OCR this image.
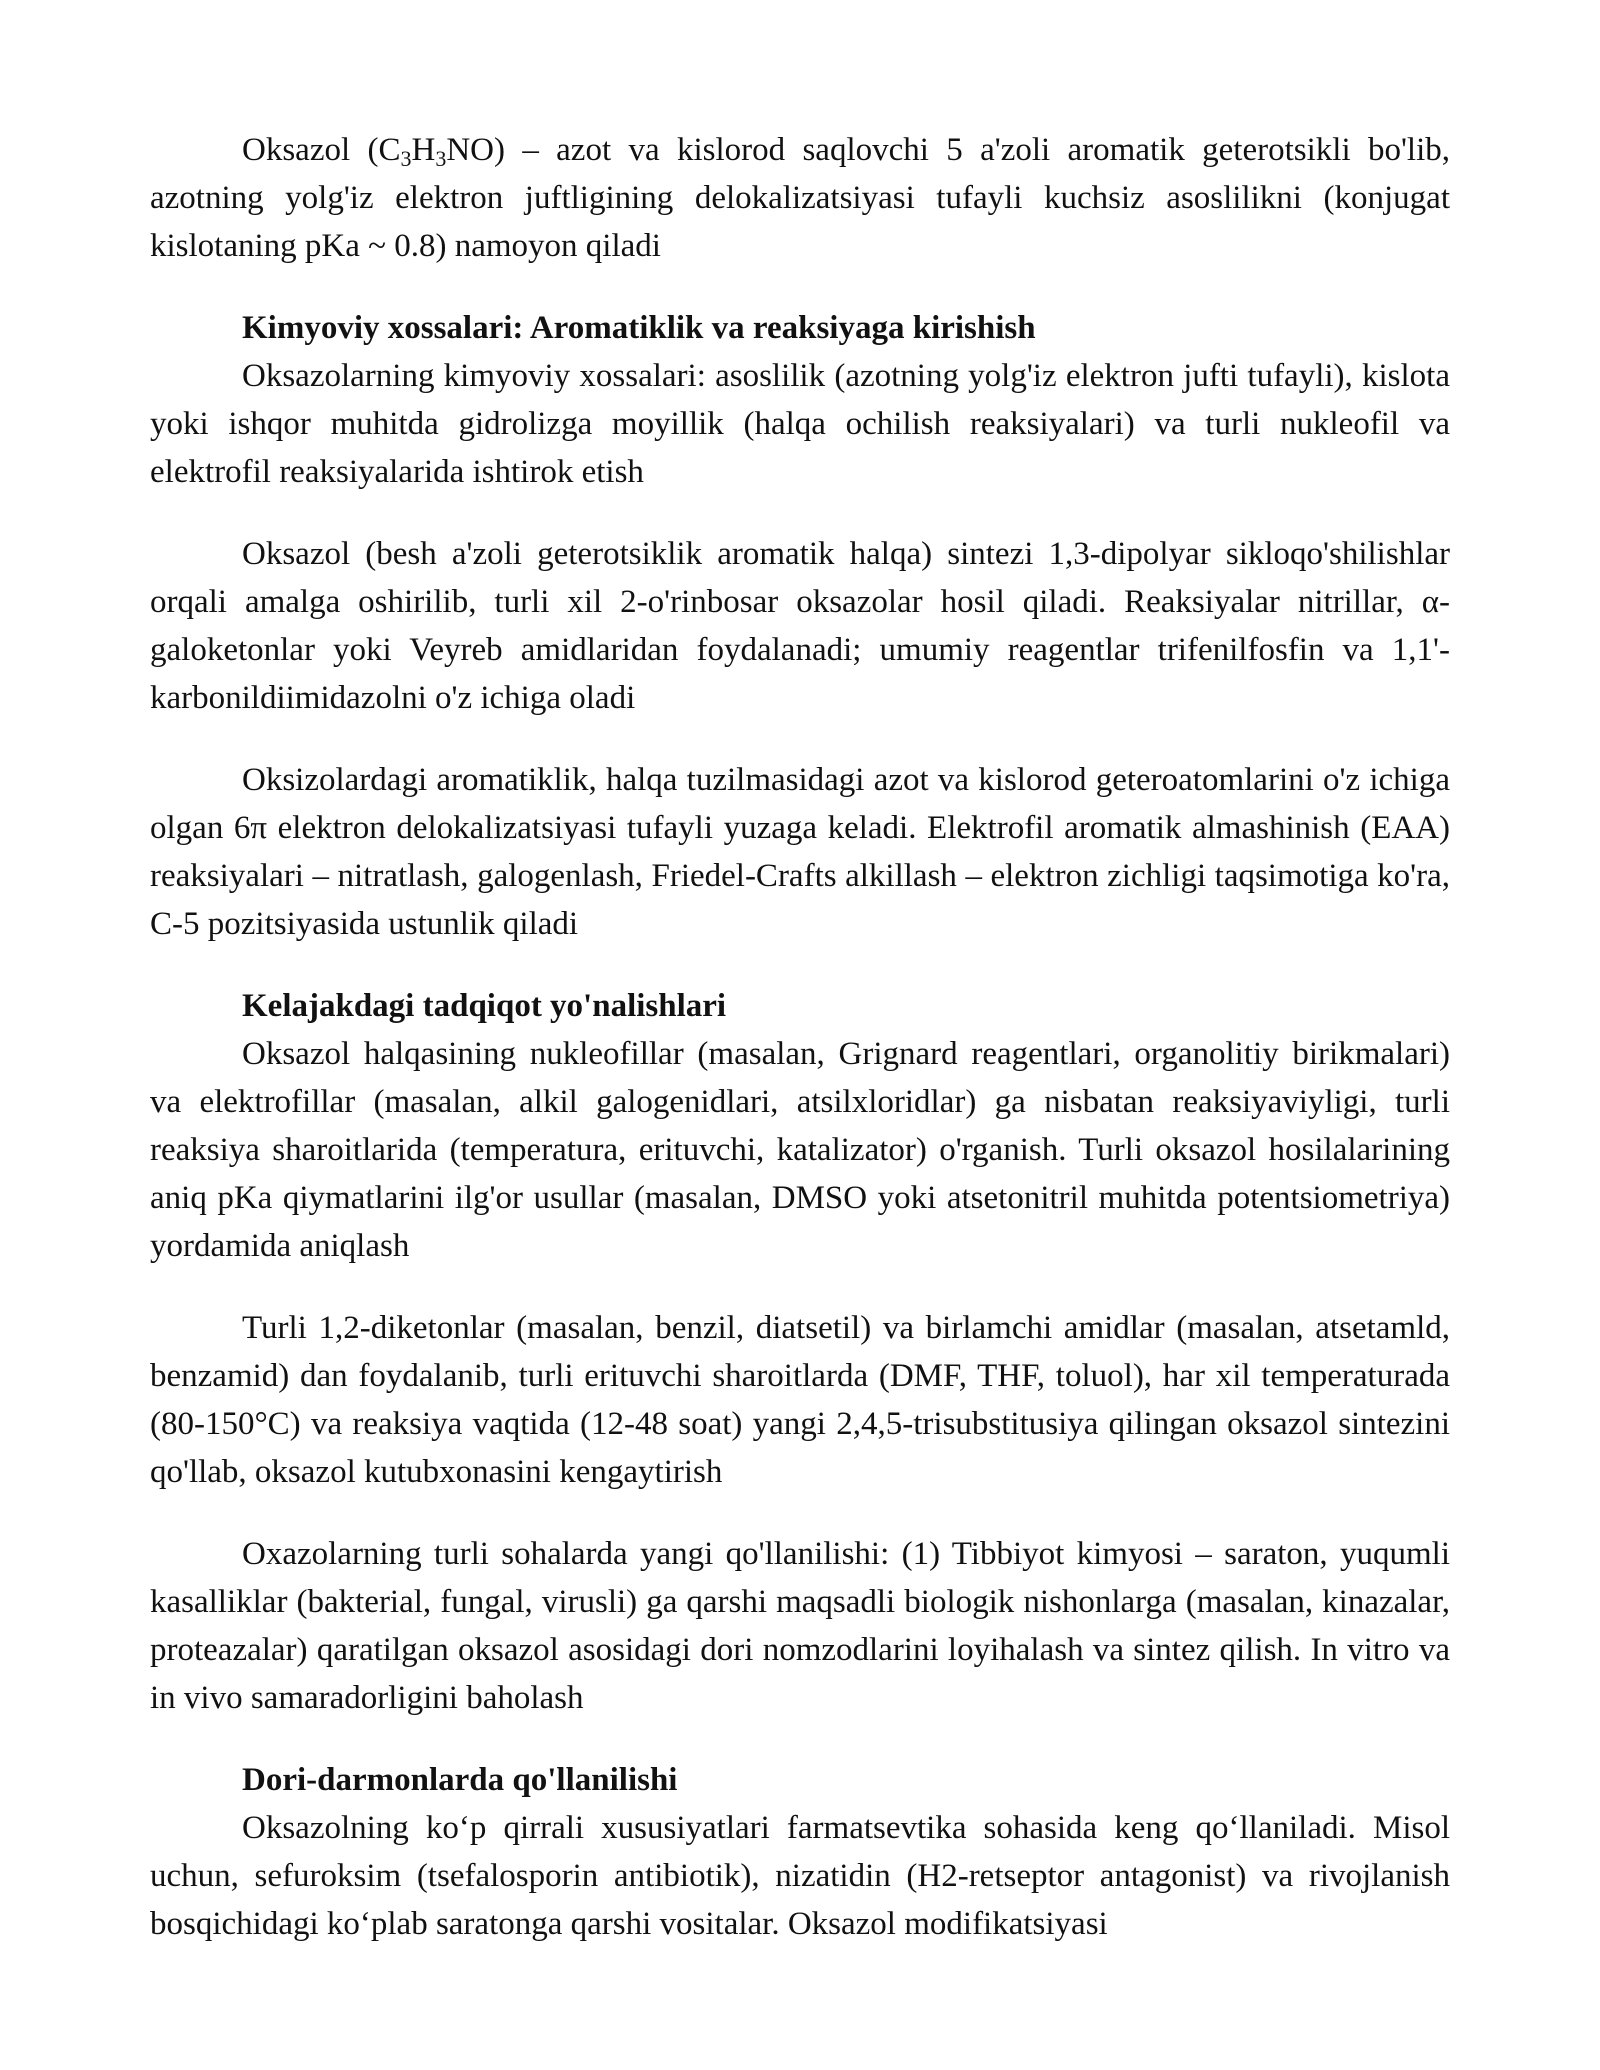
Oksazol $(C_3H_3NO)$ – azot va kislorod saqlovchi 5 a'zoli aromatik geterotsikli bo'lib, azotning yolg'iz elektron juftligining delokalizatsiyasi tufayli kuchsiz asoslilikni (konjugat kislotaning pKa ~ 0.8) namoyon qiladi

Kimyoviy xossalari: Aromatiklik va reaksiyaga kirishish

Oksazolarning kimyoviy xossalari: asoslilik (azotning yolg'iz elektron jufti tufayli), kislota yoki ishqor muhitda gidrolizga moyillik (halqa ochilish reaksiyalari) va turli nukleofil va elektrofil reaksiyalarida ishtirok etish

Oksazol (besh a'zoli geterotsiklik aromatik halqa) sintezi 1,3-dipolyar sikloqo'shilishlar orqali amalga oshirilib, turli xil 2-o'rinbosar oksazolar hosil qiladi. Reaksiyalar nitrillar, α-galoketonlar yoki Veyreb amidlaridan foydalanadi; umumiy reagentlar trifenilfosfin va 1,1'-karbonildiimidazolni o'z ichiga oladi

Oksizolardagi aromatiklik, halqa tuzilmasidagi azot va kislorod geteroatomlarini o'z ichiga olgan 6π elektron delokalizatsiyasi tufayli yuzaga keladi. Elektrofil aromatik almashinish (EAA) reaksiyalari – nitratlash, galogenlash, Friedel-Crafts alkillash – elektron zichligi taqsimotiga ko'ra, C-5 pozitsiyasida ustunlik qiladi

Kelajakdagi tadqiqot yo'nalishlari

Oksazol halqasining nukleofillar (masalan, Grignard reagentlari, organolitiy birikmalari) va elektrofillar (masalan, alkil galogenidlari, atsilxloridlar) ga nisbatan reaksiyaviyligi, turli reaksiya sharoitlarida (temperatura, erituvchi, katalizator) o'rganish. Turli oksazol hosilalarining aniq pKa qiymatlarini ilg'or usullar (masalan, DMSO yoki atsetonitril muhitda potentsiometriya) yordamida aniqlash

Turli 1,2-diketonlar (masalan, benzil, diatsetil) va birlamchi amidlar (masalan, atsetamld, benzamid) dan foydalanib, turli erituvchi sharoitlarda (DMF, THF, toluol), har xil temperaturada (80-150°C) va reaksiya vaqtida (12-48 soat) yangi 2,4,5-trisubstitusiya qilingan oksazol sintezini qo'llab, oksazol kutubxonasini kengaytirish

Oxazolarning turli sohalarda yangi qo'llanilishi: (1) Tibbiyot kimyosi – saraton, yuqumli kasalliklar (bakterial, fungal, virusli) ga qarshi maqsadli biologik nishonlarga (masalan, kinazalar, proteazalar) qaratilgan oksazol asosidagi dori nomzodlarini loyihalash va sintez qilish. In vitro va in vivo samaradorligini baholash

Dori-darmonlarda qo'llanilishi

Oksazolning koʻp qirrali xususiyatlari farmatsevtika sohasida keng qoʻllaniladi. Misol uchun, sefuroksim (tsefalosporin antibiotik), nizatidin (H2-retseptor antagonist) va rivojlanish bosqichidagi koʻplab saratonga qarshi vositalar. Oksazol modifikatsiyasi
